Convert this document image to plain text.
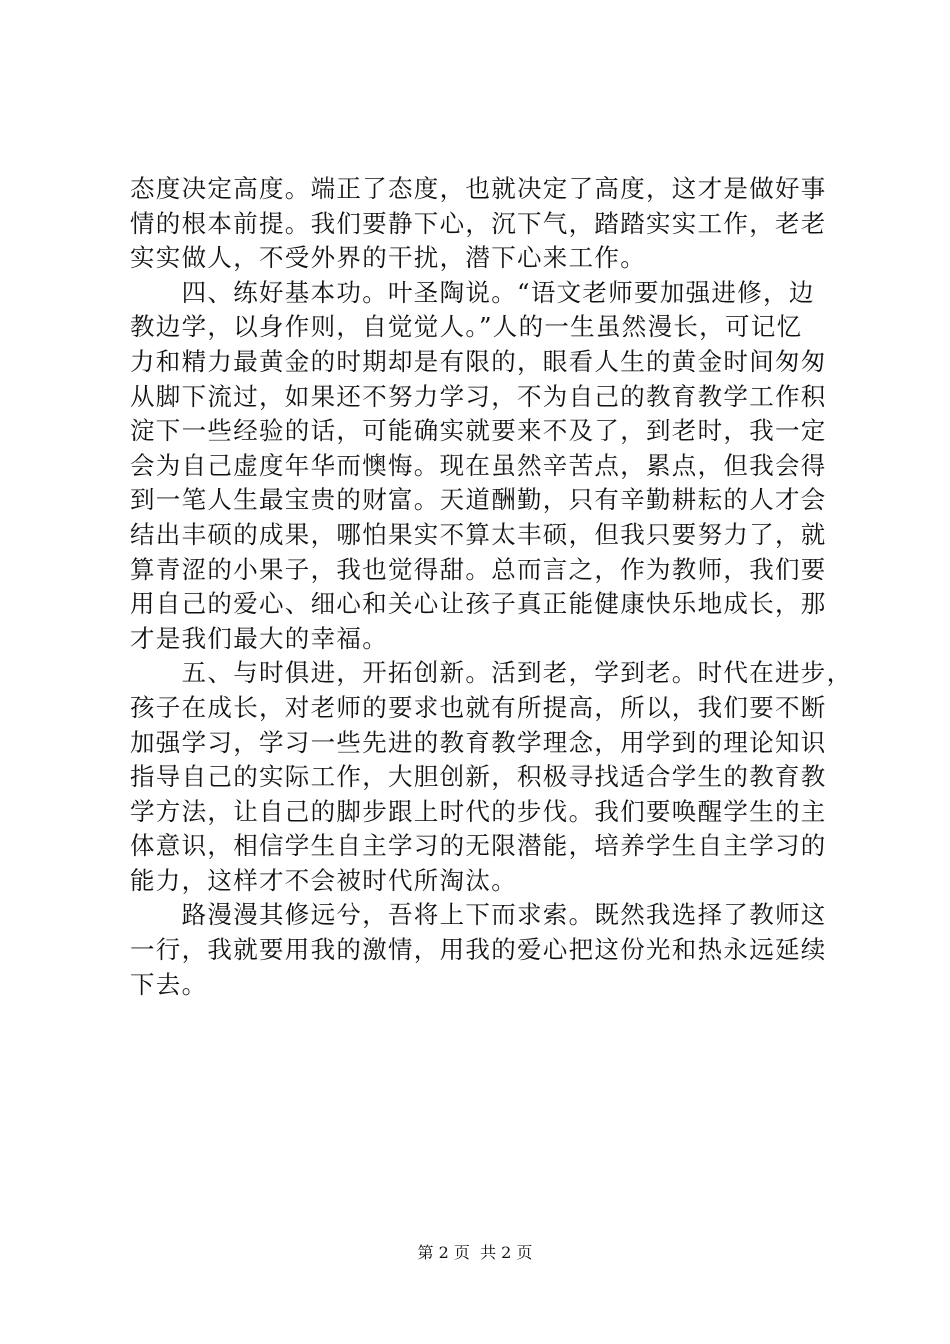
态度决定高度。端正了态度，也就决定了高度，这才是做好事
情的根本前提。我们要静下心，沉下气，踏踏实实工作，老老
实实做人，不受外界的干扰，潜下心来工作。
　　四、练好基本功。叶圣陶说。“语文老师要加强进修，边
教边学，以身作则，自觉觉人。”人的一生虽然漫长，可记忆
力和精力最黄金的时期却是有限的，眼看人生的黄金时间匆匆
从脚下流过，如果还不努力学习，不为自己的教育教学工作积
淀下一些经验的话，可能确实就要来不及了，到老时，我一定
会为自己虚度年华而懊悔。现在虽然辛苦点，累点，但我会得
到一笔人生最宝贵的财富。天道酬勤，只有辛勤耕耘的人才会
结出丰硕的成果，哪怕果实不算太丰硕，但我只要努力了，就
算青涩的小果子，我也觉得甜。总而言之，作为教师，我们要
用自己的爱心、细心和关心让孩子真正能健康快乐地成长，那
才是我们最大的幸福。
　　五、与时俱进，开拓创新。活到老，学到老。时代在进步，
孩子在成长，对老师的要求也就有所提高，所以，我们要不断
加强学习，学习一些先进的教育教学理念，用学到的理论知识
指导自己的实际工作，大胆创新，积极寻找适合学生的教育教
学方法，让自己的脚步跟上时代的步伐。我们要唤醒学生的主
体意识，相信学生自主学习的无限潜能，培养学生自主学习的
能力，这样才不会被时代所淘汰。
　　路漫漫其修远兮，吾将上下而求索。既然我选择了教师这
一行，我就要用我的激情，用我的爱心把这份光和热永远延续
下去。
第 2 页  共 2 页
